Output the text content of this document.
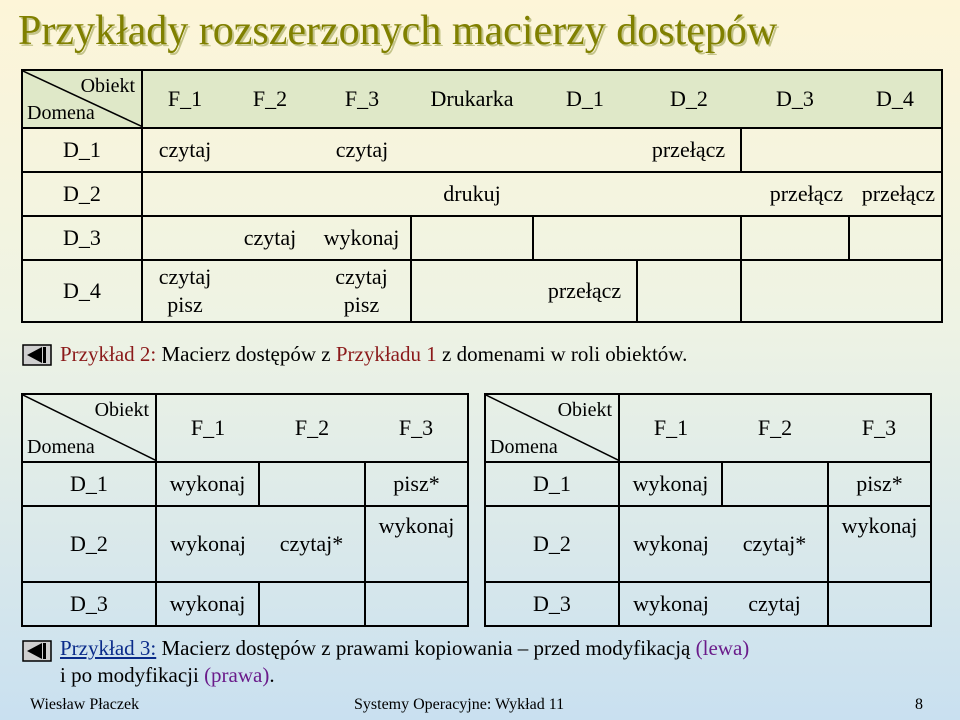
Przykłady rozszerzonych macierzy dostępów
Obiekt
Domena	F_1	F_2	F_3	Drukarka	D_1	D_2	D_3	D_4
D_1	czytaj		czytaj			przełącz		
D_2				drukuj			przełącz	przełącz
D_3		czytaj	wykonaj					
D_4	czytaj pisz		czytaj pisz		przełącz			
Przykład 2: Macierz dostępów z Przykładu 1 z domenami w roli obiektów.
Obiekt
Domena	F_1	F_2	F_3
D_1	wykonaj		pisz*
D_2	wykonaj	czytaj*	wykonaj
D_3	wykonaj		
Obiekt
Domena	F_1	F_2	F_3
D_1	wykonaj		pisz*
D_2	wykonaj	czytaj*	wykonaj
D_3	wykonaj	czytaj	
Przykład 3: Macierz dostępów z prawami kopiowania – przed modyfikacją (lewa)
i po modyfikacji (prawa).
Wiesław Płaczek	Systemy Operacyjne: Wykład 11	8
